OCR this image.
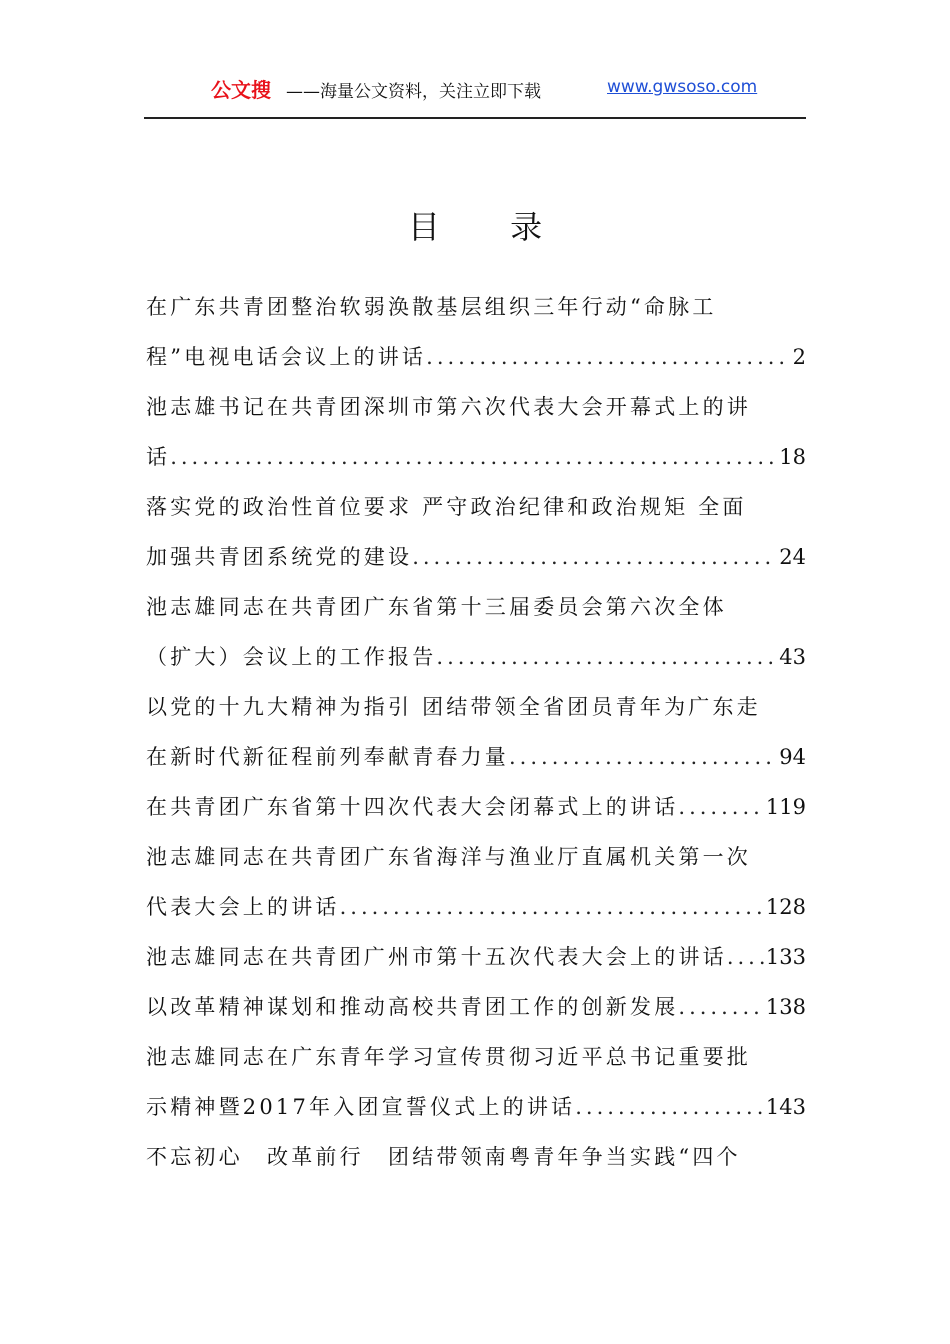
公文搜 ——海量公文资料，关注立即下载	www.gwsoso.com
目 录
在广东共青团整治软弱涣散基层组织三年行动“命脉工
程”电视电话会议上的讲话 .....	2
池志雄书记在共青团深圳市第六次代表大会开幕式上的讲
话 .....	18
落实党的政治性首位要求 严守政治纪律和政治规矩 全面
加强共青团系统党的建设 .....	24
池志雄同志在共青团广东省第十三届委员会第六次全体
（扩大）会议上的工作报告 .....	43
以党的十九大精神为指引 团结带领全省团员青年为广东走
在新时代新征程前列奉献青春力量 .....	94
在共青团广东省第十四次代表大会闭幕式上的讲话 .....	119
池志雄同志在共青团广东省海洋与渔业厅直属机关第一次
代表大会上的讲话 .....	128
池志雄同志在共青团广州市第十五次代表大会上的讲话 ..... 133
以改革精神谋划和推动高校共青团工作的创新发展 .....	138
池志雄同志在广东青年学习宣传贯彻习近平总书记重要批
示精神暨2017年入团宣誓仪式上的讲话 .....	143
不忘初心　改革前行　团结带领南粤青年争当实践“四个
